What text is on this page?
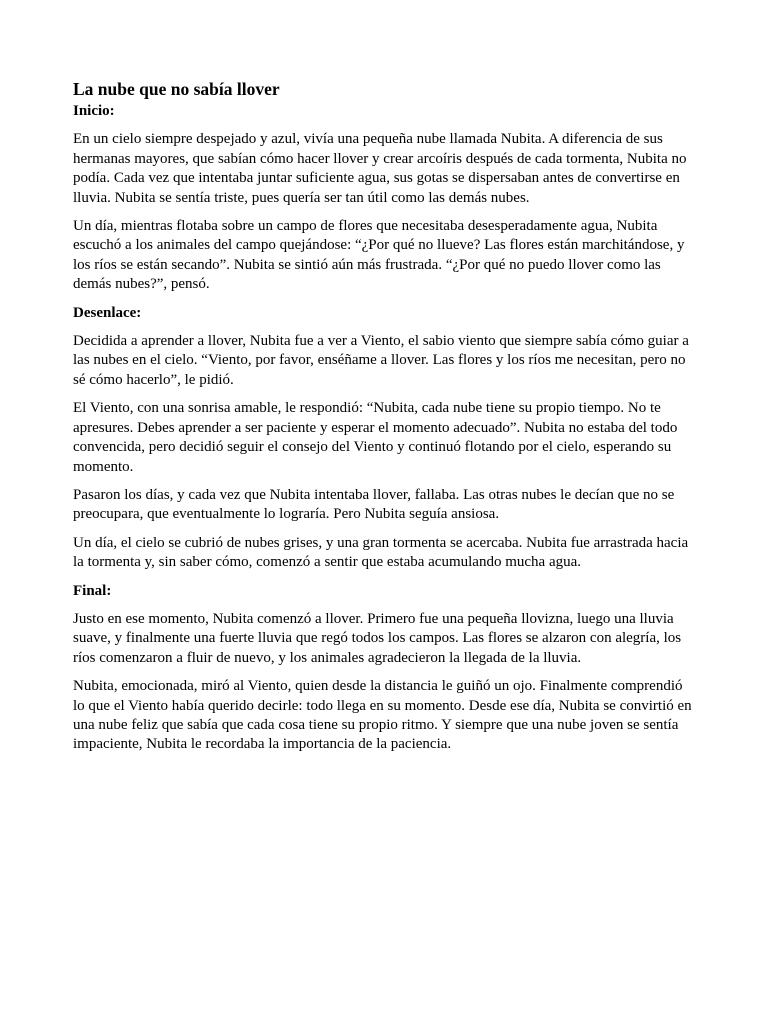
La nube que no sabía llover
Inicio:

En un cielo siempre despejado y azul, vivía una pequeña nube llamada Nubita. A diferencia de sus hermanas mayores, que sabían cómo hacer llover y crear arcoíris después de cada tormenta, Nubita no podía. Cada vez que intentaba juntar suficiente agua, sus gotas se dispersaban antes de convertirse en lluvia. Nubita se sentía triste, pues quería ser tan útil como las demás nubes.

Un día, mientras flotaba sobre un campo de flores que necesitaba desesperadamente agua, Nubita escuchó a los animales del campo quejándose: “¿Por qué no llueve? Las flores están marchitándose, y los ríos se están secando”. Nubita se sintió aún más frustrada. “¿Por qué no puedo llover como las demás nubes?”, pensó.

Desenlace:

Decidida a aprender a llover, Nubita fue a ver a Viento, el sabio viento que siempre sabía cómo guiar a las nubes en el cielo. “Viento, por favor, enséñame a llover. Las flores y los ríos me necesitan, pero no sé cómo hacerlo”, le pidió.

El Viento, con una sonrisa amable, le respondió: “Nubita, cada nube tiene su propio tiempo. No te apresures. Debes aprender a ser paciente y esperar el momento adecuado”. Nubita no estaba del todo convencida, pero decidió seguir el consejo del Viento y continuó flotando por el cielo, esperando su momento.

Pasaron los días, y cada vez que Nubita intentaba llover, fallaba. Las otras nubes le decían que no se preocupara, que eventualmente lo lograría. Pero Nubita seguía ansiosa.

Un día, el cielo se cubrió de nubes grises, y una gran tormenta se acercaba. Nubita fue arrastrada hacia la tormenta y, sin saber cómo, comenzó a sentir que estaba acumulando mucha agua.

Final:

Justo en ese momento, Nubita comenzó a llover. Primero fue una pequeña llovizna, luego una lluvia suave, y finalmente una fuerte lluvia que regó todos los campos. Las flores se alzaron con alegría, los ríos comenzaron a fluir de nuevo, y los animales agradecieron la llegada de la lluvia.

Nubita, emocionada, miró al Viento, quien desde la distancia le guiñó un ojo. Finalmente comprendió lo que el Viento había querido decirle: todo llega en su momento. Desde ese día, Nubita se convirtió en una nube feliz que sabía que cada cosa tiene su propio ritmo. Y siempre que una nube joven se sentía impaciente, Nubita le recordaba la importancia de la paciencia.
